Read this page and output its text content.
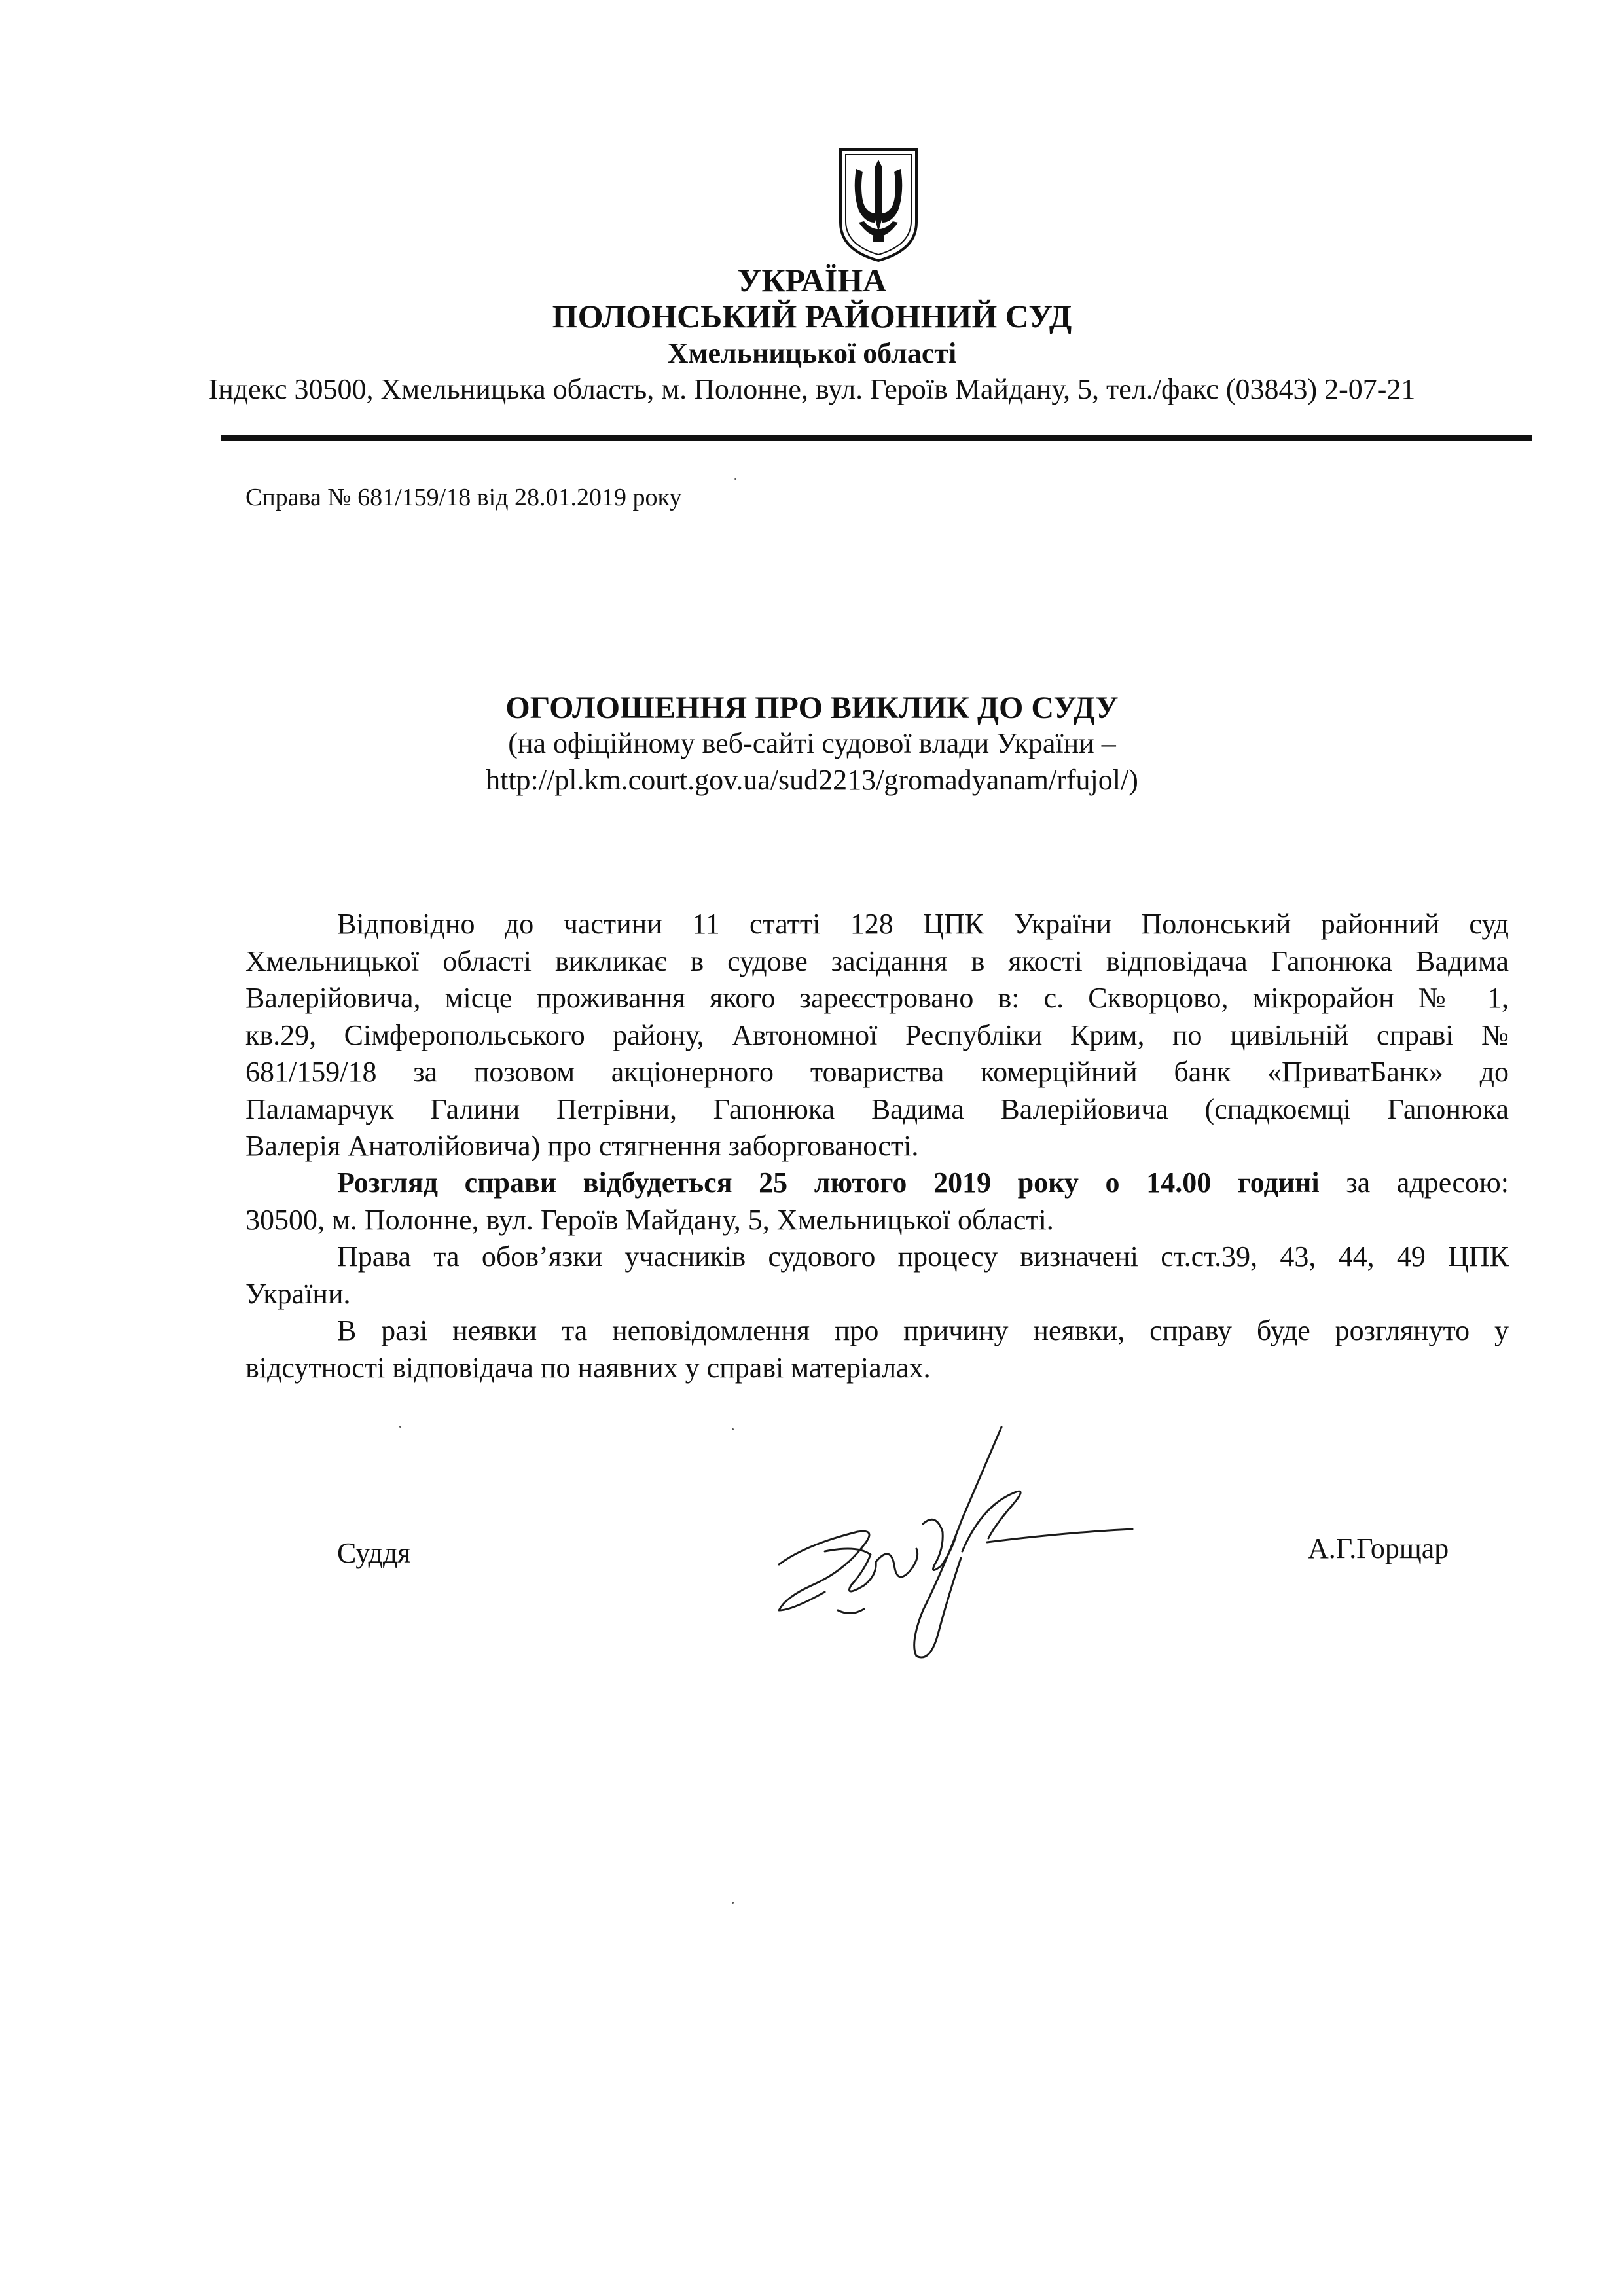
УКРАЇНА
ПОЛОНСЬКИЙ РАЙОННИЙ СУД
Хмельницької області
Індекс 30500, Хмельницька область, м. Полонне, вул. Героїв Майдану, 5, тел./факс (03843) 2-07-21
Справа № 681/159/18 від 28.01.2019 року
ОГОЛОШЕННЯ ПРО ВИКЛИК ДО СУДУ
(на офіційному веб-сайті судової влади України –
http://pl.km.court.gov.ua/sud2213/gromadyanam/rfujol/)
Відповідно до частини 11 статті 128 ЦПК України Полонський районний суд
Хмельницької області викликає в судове засідання в якості відповідача Гапонюка Вадима
Валерійовича, місце проживання якого зареєстровано в: с. Скворцово, мікрорайон № 1,
кв.29, Сімферопольського району, Автономної Республіки Крим, по цивільній справі №
681/159/18 за позовом акціонерного товариства комерційний банк «ПриватБанк» до
Паламарчук Галини Петрівни, Гапонюка Вадима Валерійовича (спадкоємці Гапонюка
Валерія Анатолійовича) про стягнення заборгованості.
Розгляд справи відбудеться 25 лютого 2019 року о 14.00 годині за адресою:
30500, м. Полонне, вул. Героїв Майдану, 5, Хмельницької області.
Права та обов’язки учасників судового процесу визначені ст.ст.39, 43, 44, 49 ЦПК
України.
В разі неявки та неповідомлення про причину неявки, справу буде розглянуто у
відсутності відповідача по наявних у справі матеріалах.
Суддя	А.Г.Горщар
